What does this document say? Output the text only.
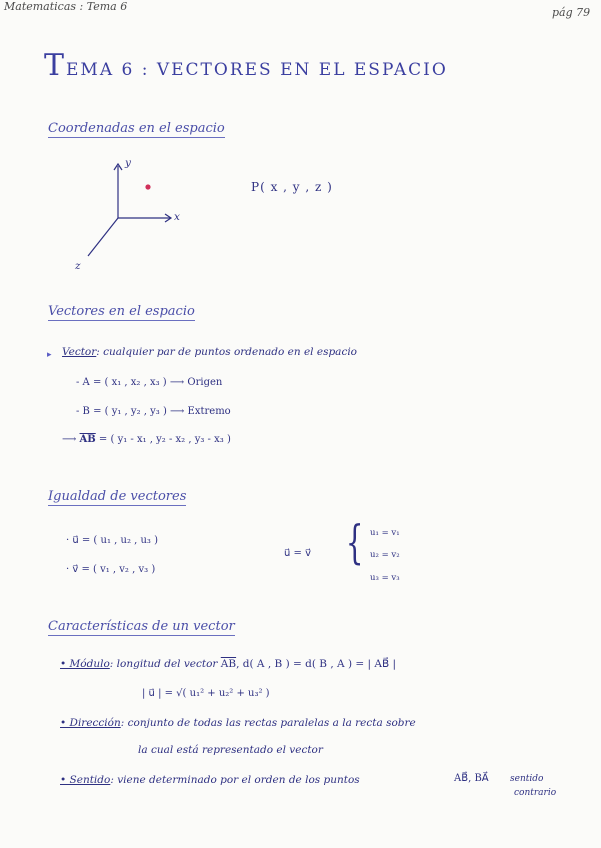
Matematicas : Tema 6	pág 79
TEMA 6 : VECTORES EN EL ESPACIO
Coordenadas en el espacio
y
x
z
P( x , y , z )
Vectores en el espacio
▸ Vector: cualquier par de puntos ordenado en el espacio
- A = ( x₁ , x₂ , x₃ ) ⟶ Origen
- B = ( y₁ , y₂ , y₃ ) ⟶ Extremo
⟶ $\overline{AB}$ = ( y₁ - x₁ , y₂ - x₂ , y₃ - x₃ )
Igualdad de vectores
· u⃗ = ( u₁ , u₂ , u₃ )
· v⃗ = ( v₁ , v₂ , v₃ )
u⃗ = v⃗ { u₁ = v₁
u₂ = v₂
u₃ = v₃
Características de un vector
• Módulo: longitud del vector $\overline{AB}$, d( A , B ) = d( B , A ) = | AB⃗ |
| u⃗ | = √( u₁² + u₂² + u₃² )
• Dirección: conjunto de todas las rectas paralelas a la recta sobre
la cual está representado el vector
• Sentido: viene determinado por el orden de los puntos	AB⃗, BA⃗ sentido
contrario
